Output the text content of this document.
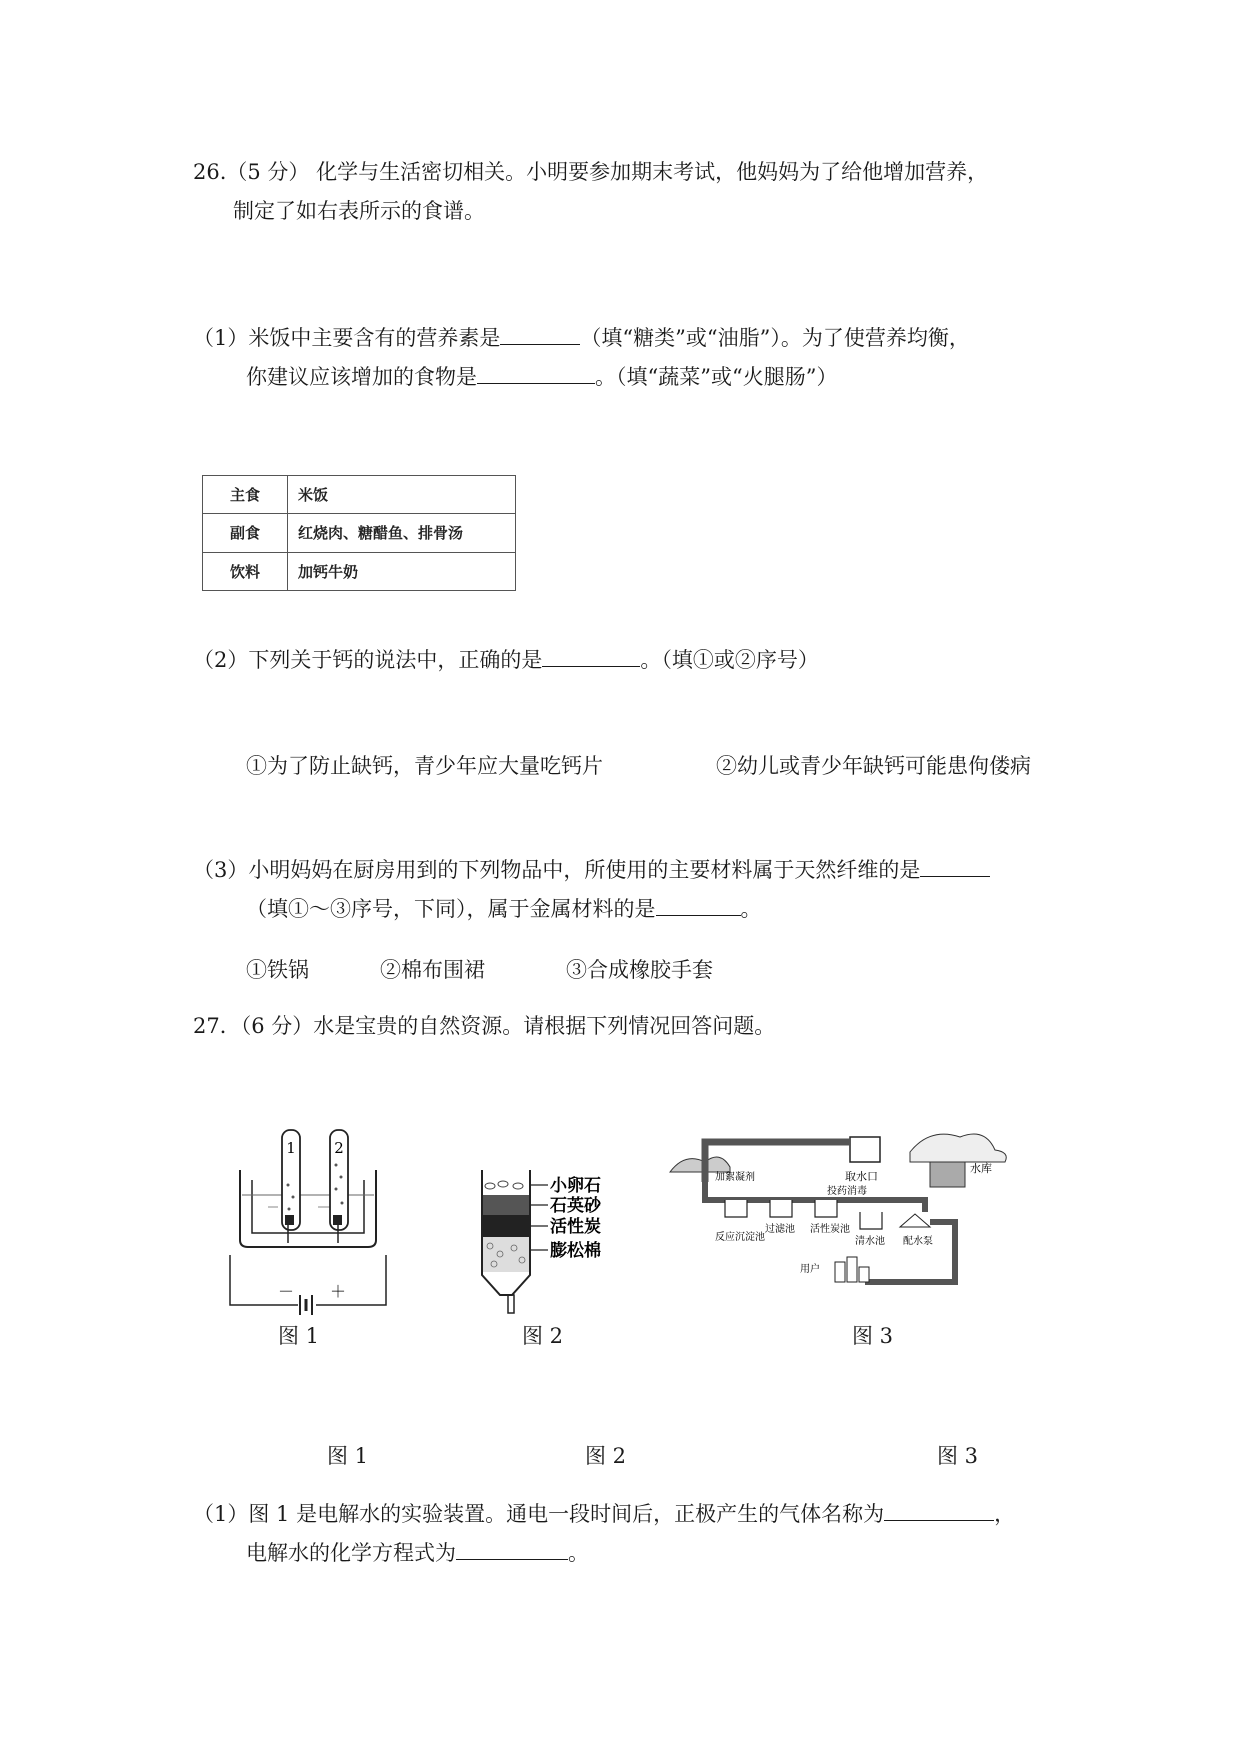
26.（5 分） 化学与生活密切相关。小明要参加期末考试，他妈妈为了给他增加营养，
制定了如右表所示的食谱。
（1）米饭中主要含有的营养素是	（填“糖类”或“油脂”）。为了使营养均衡，
你建议应该增加的食物是	。（填“蔬菜”或“火腿肠”）
主食	米饭
副食	红烧肉、糖醋鱼、排骨汤
饮料	加钙牛奶
（2）下列关于钙的说法中，正确的是	。（填①或②序号）
①为了防止缺钙，青少年应大量吃钙片	②幼儿或青少年缺钙可能患佝偻病
（3）小明妈妈在厨房用到的下列物品中，所使用的主要材料属于天然纤维的是
（填①～③序号，下同），属于金属材料的是	。
①铁锅	②棉布围裙	③合成橡胶手套
27．（6 分）水是宝贵的自然资源。请根据下列情况回答问题。
1	2
－ ＋
图 1
小卵石
石英砂
活性炭
膨松棉
图 2
水库
取水口
投药消毒
加絮凝剂
反应沉淀池
过滤池 活性炭池
清水池 配水泵
用户
图 3
图 1	图 2	图 3
（1）图 1 是电解水的实验装置。通电一段时间后，正极产生的气体名称为	，
电解水的化学方程式为	。
